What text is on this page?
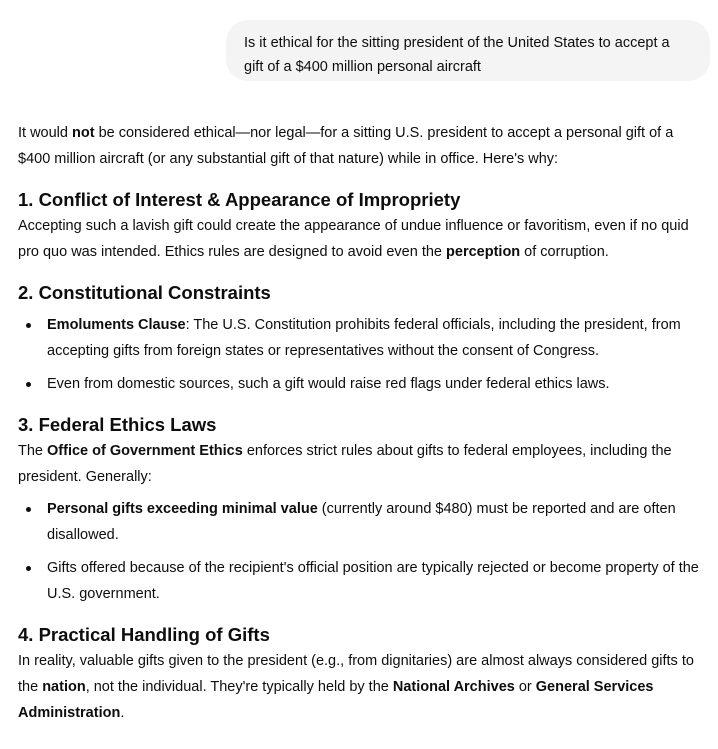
Is it ethical for the sitting president of the United States to accept a gift of a $400 million personal aircraft

It would not be considered ethical—nor legal—for a sitting U.S. president to accept a personal gift of a $400 million aircraft (or any substantial gift of that nature) while in office. Here's why:

1. Conflict of Interest & Appearance of Impropriety

Accepting such a lavish gift could create the appearance of undue influence or favoritism, even if no quid pro quo was intended. Ethics rules are designed to avoid even the perception of corruption.

2. Constitutional Constraints
Emoluments Clause: The U.S. Constitution prohibits federal officials, including the president, from accepting gifts from foreign states or representatives without the consent of Congress.
Even from domestic sources, such a gift would raise red flags under federal ethics laws.
3. Federal Ethics Laws

The Office of Government Ethics enforces strict rules about gifts to federal employees, including the president. Generally:

Personal gifts exceeding minimal value (currently around $480) must be reported and are often disallowed.
Gifts offered because of the recipient's official position are typically rejected or become property of the U.S. government.
4. Practical Handling of Gifts

In reality, valuable gifts given to the president (e.g., from dignitaries) are almost always considered gifts to the nation, not the individual. They're typically held by the National Archives or General Services Administration.
